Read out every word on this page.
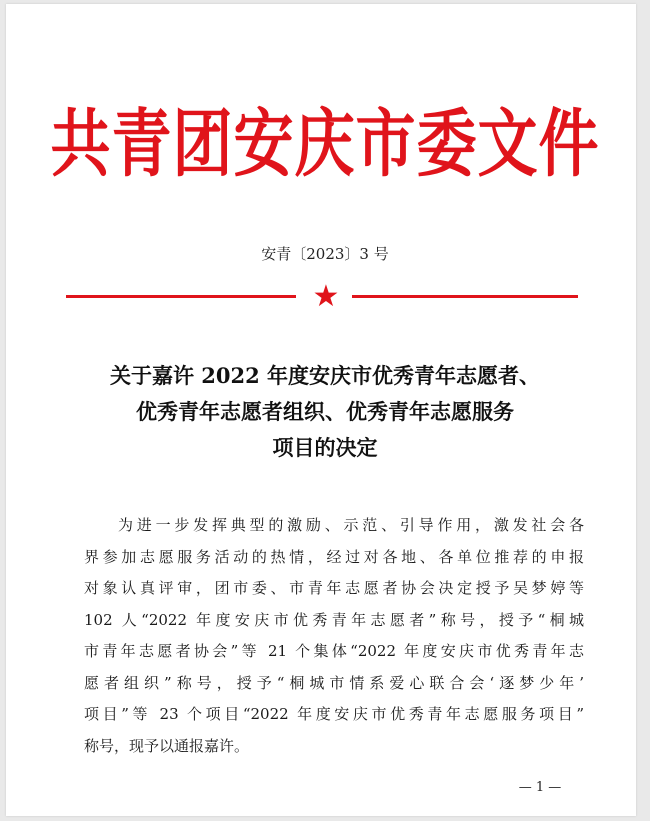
共青团安庆市委文件
安青〔2023〕3 号
★
关于嘉许 2022 年度安庆市优秀青年志愿者、
优秀青年志愿者组织、优秀青年志愿服务
项目的决定
为进一步发挥典型的激励、示范、引导作用，激发社会各
界参加志愿服务活动的热情，经过对各地、各单位推荐的申报
对象认真评审，团市委、市青年志愿者协会决定授予吴梦婷等
102 人“2022 年度安庆市优秀青年志愿者”称号，授予“桐城
市青年志愿者协会”等 21 个集体“2022 年度安庆市优秀青年志
愿者组织”称号，授予“桐城市情系爱心联合会‘逐梦少年’
项目”等 23 个项目“2022 年度安庆市优秀青年志愿服务项目”
称号，现予以通报嘉许。
— 1 —
